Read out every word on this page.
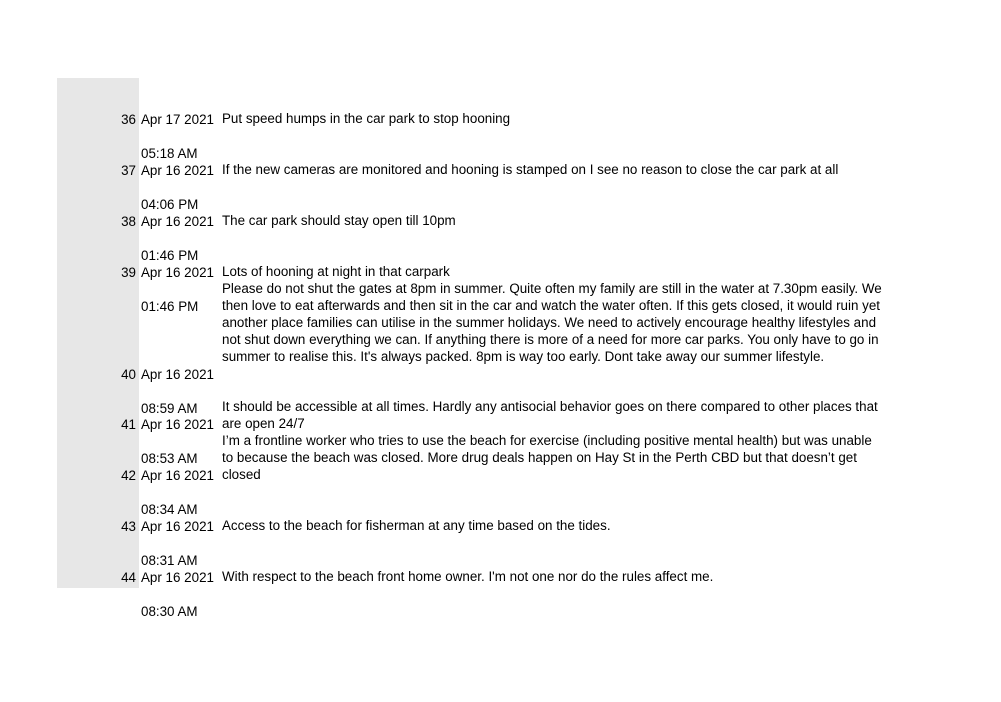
36 Apr 17 2021

05:18 AM

Put speed humps in the car park to stop hooning
37 Apr 16 2021

04:06 PM

If the new cameras are monitored and hooning is stamped on I see no reason to close the car park at all
38 Apr 16 2021

01:46 PM

The car park should stay open till 10pm
39 Apr 16 2021

01:46 PM

Lots of hooning at night in that carpark
40 Apr 16 2021

08:59 AM

Please do not shut the gates at 8pm in summer. Quite often my family are still in the water at 7.30pm easily. We then love to eat afterwards and then sit in the car and watch the water often. If this gets closed, it would ruin yet another place families can utilise in the summer holidays. We need to actively encourage healthy lifestyles and not shut down everything we can. If anything there is more of a need for more car parks. You only have to go in summer to realise this. It's always packed. 8pm is way too early. Dont take away our summer lifestyle.
41 Apr 16 2021

08:53 AM

It should be accessible at all times. Hardly any antisocial behavior goes on there compared to other places that are open 24/7
42 Apr 16 2021

08:34 AM

I’m a frontline worker who tries to use the beach for exercise (including positive mental health) but was unable to because the beach was closed. More drug deals happen on Hay St in the Perth CBD but that doesn’t get closed
43 Apr 16 2021

08:31 AM

Access to the beach for fisherman at any time based on the tides.
44 Apr 16 2021

08:30 AM

With respect to the beach front home owner. I'm not one nor do the rules affect me.
